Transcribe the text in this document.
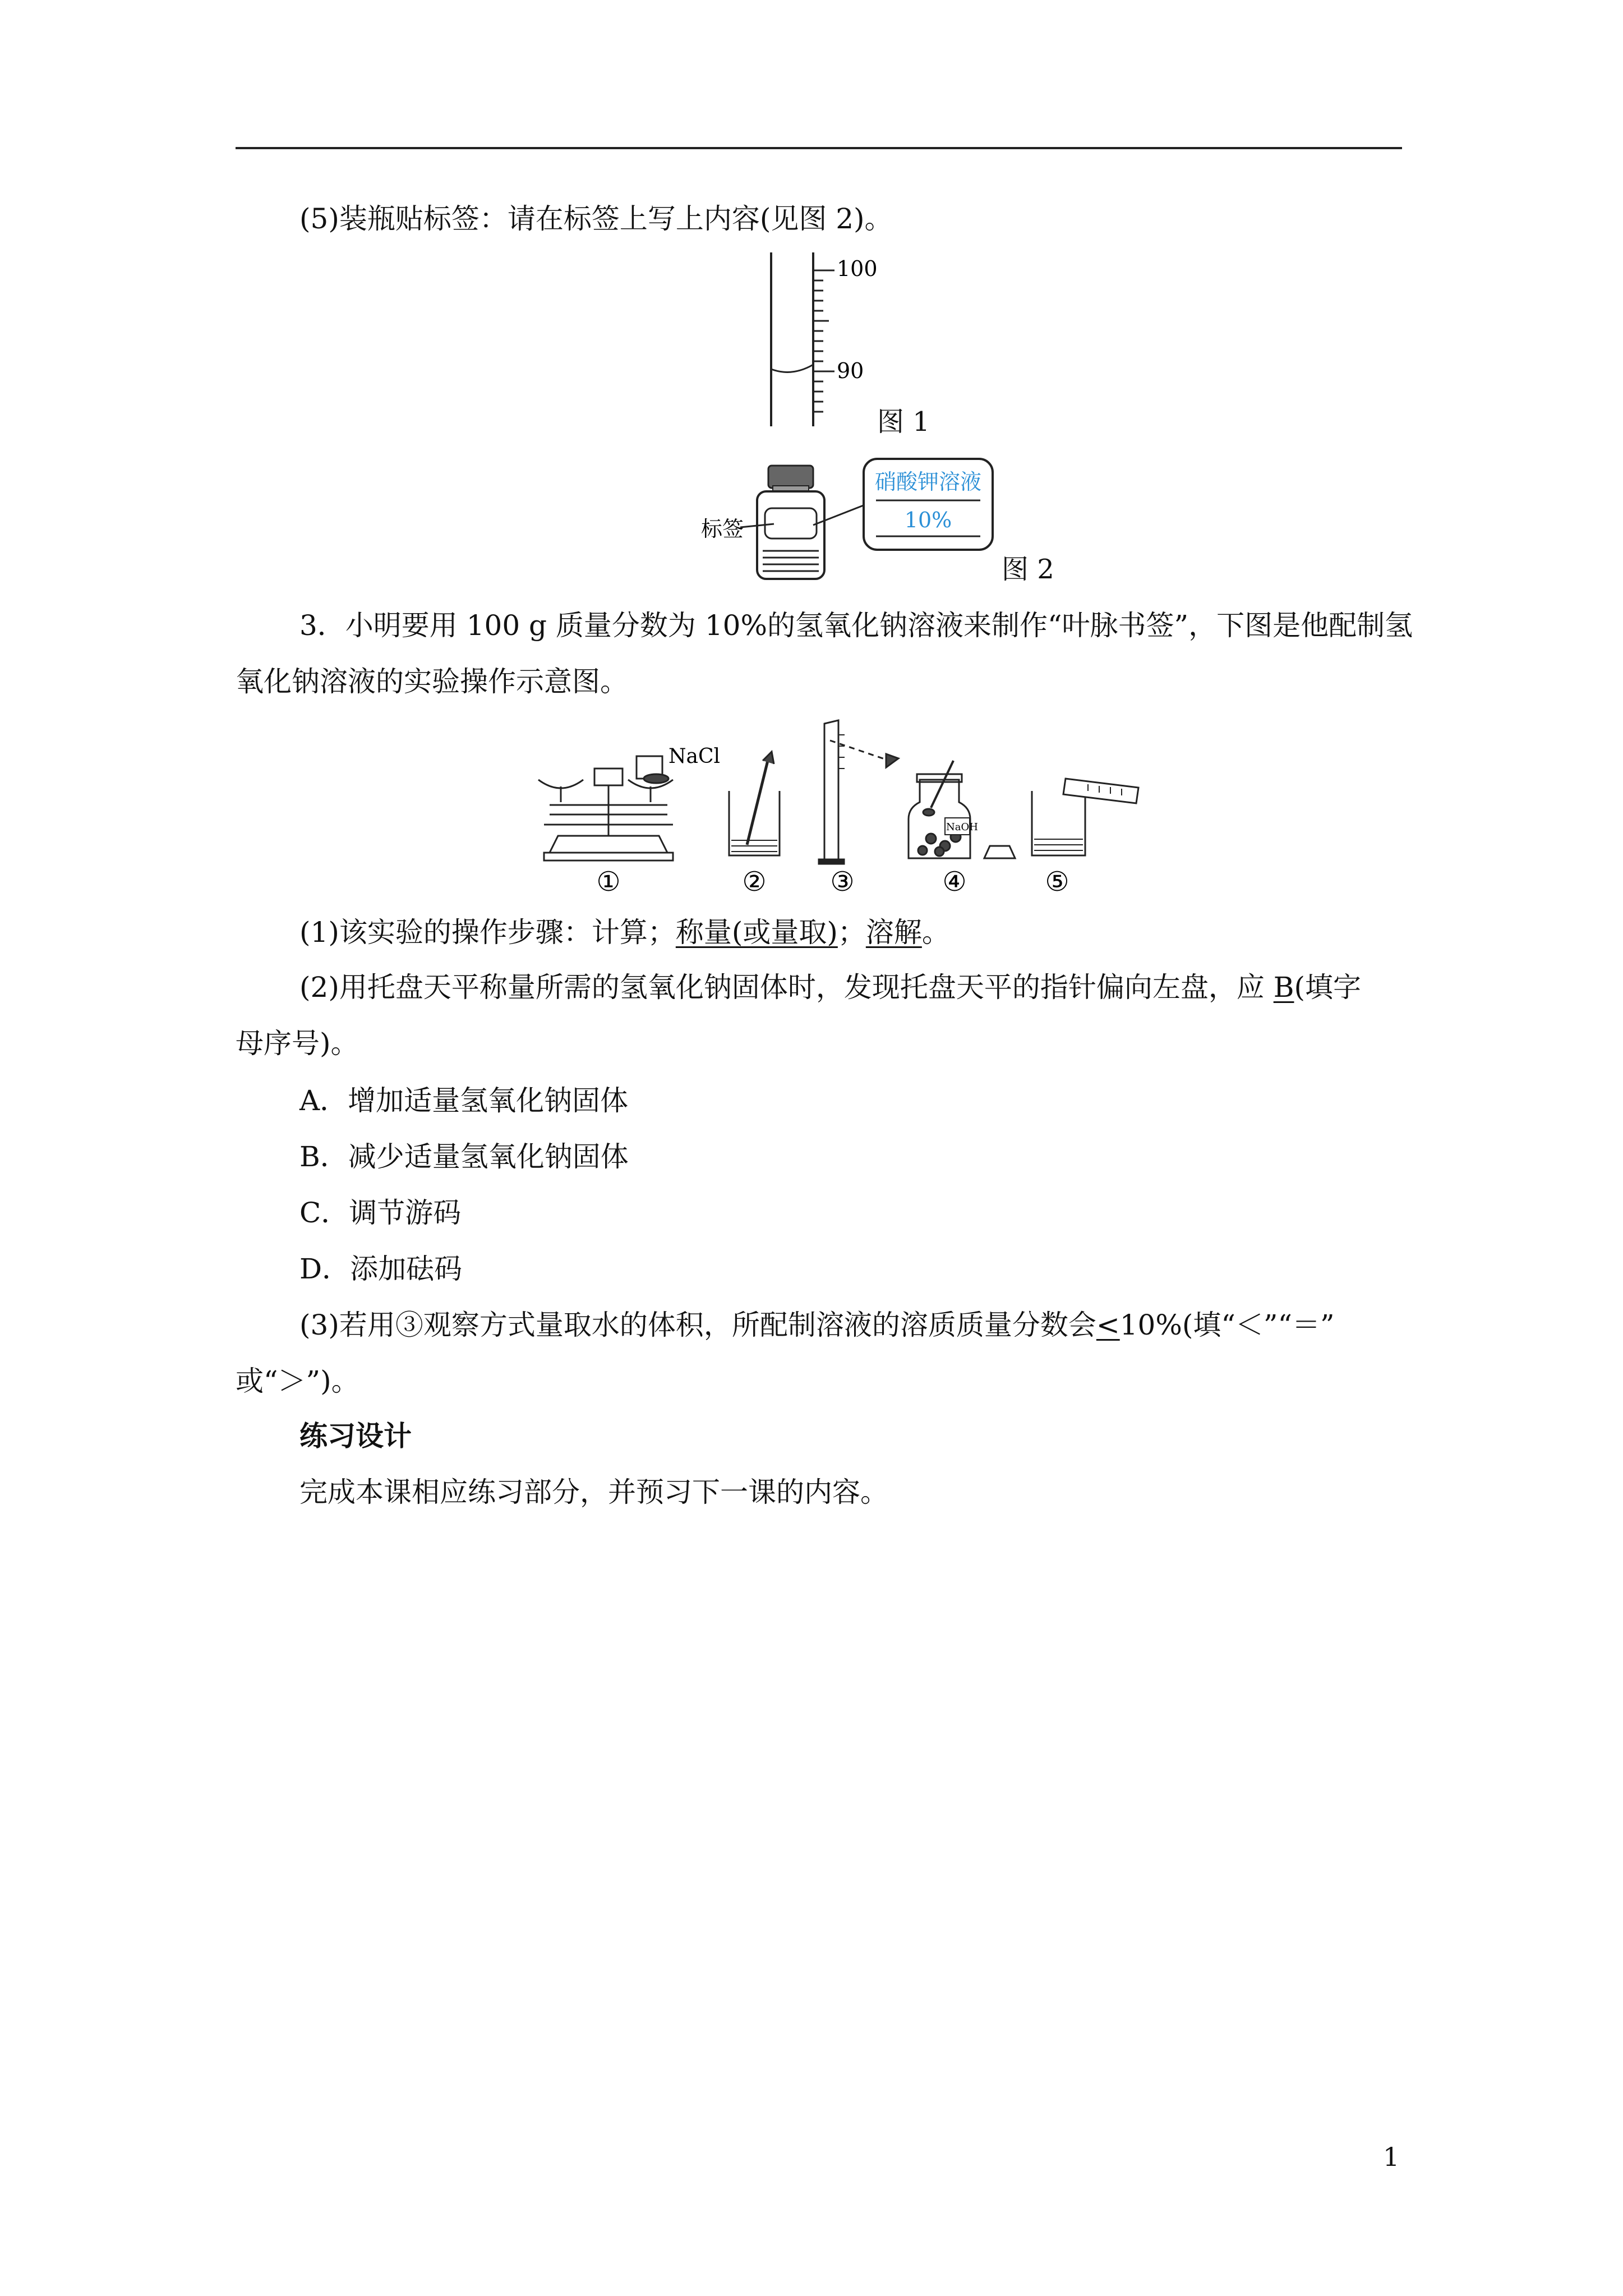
(5)装瓶贴标签：请在标签上写上内容(见图 2)。
100
90
图 1
标签
硝酸钾溶液
10%
图 2
3．小明要用 100 g 质量分数为 10%的氢氧化钠溶液来制作“叶脉书签”，下图是他配制氢
氧化钠溶液的实验操作示意图。
NaCl
NaOH
①	② ③	④	⑤
(1)该实验的操作步骤：计算；称量(或量取)；溶解。
(2)用托盘天平称量所需的氢氧化钠固体时，发现托盘天平的指针偏向左盘，应 B(填字
母序号)。
A．增加适量氢氧化钠固体
B．减少适量氢氧化钠固体
C．调节游码
D．添加砝码
(3)若用③观察方式量取水的体积，所配制溶液的溶质质量分数会<10%(填“＜”“＝”
或“＞”)。
练习设计
完成本课相应练习部分，并预习下一课的内容。
1
